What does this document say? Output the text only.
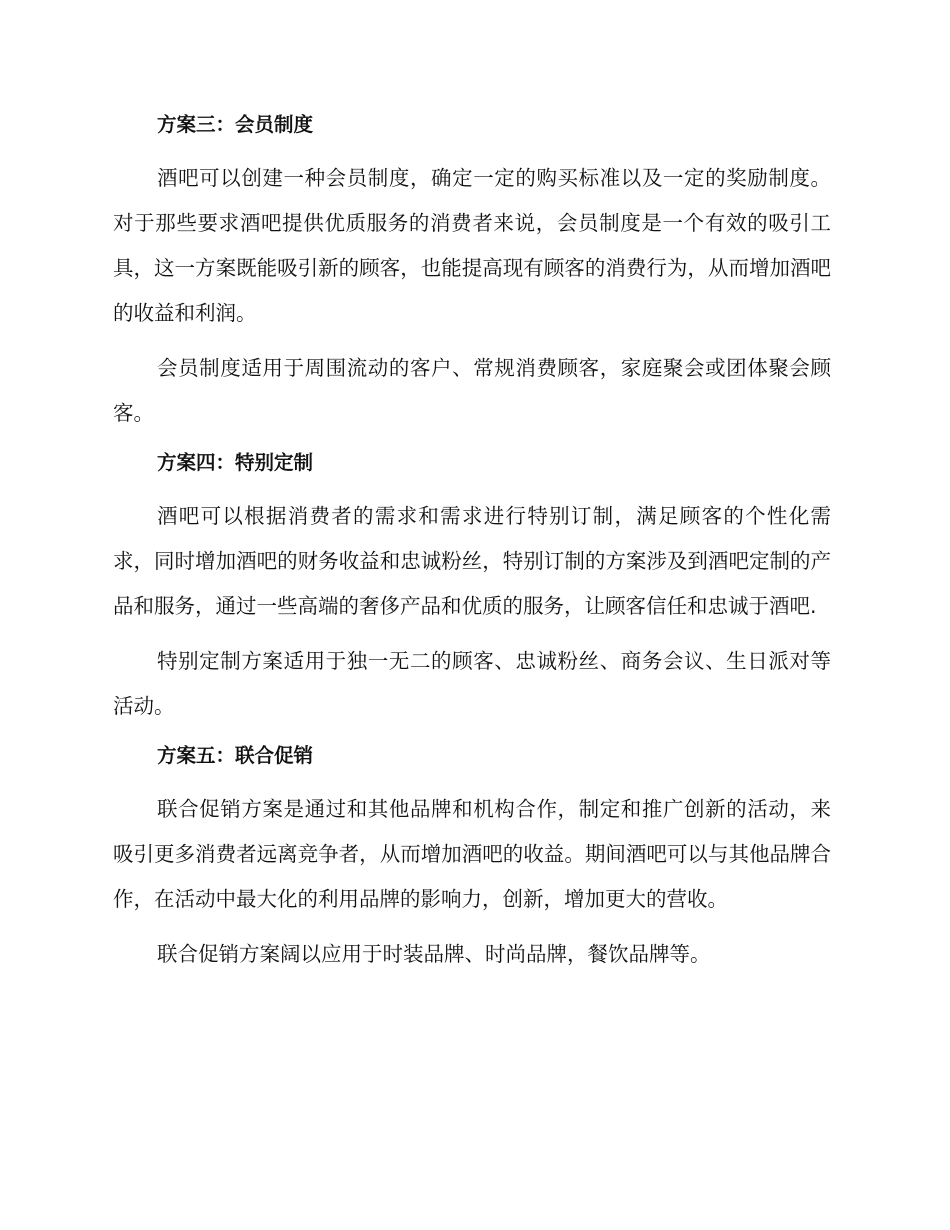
方案三：会员制度

酒吧可以创建一种会员制度，确定一定的购买标准以及一定的奖励制度。对于那些要求酒吧提供优质服务的消费者来说，会员制度是一个有效的吸引工具，这一方案既能吸引新的顾客，也能提高现有顾客的消费行为，从而增加酒吧的收益和利润。

会员制度适用于周围流动的客户、常规消费顾客，家庭聚会或团体聚会顾客。

方案四：特别定制

酒吧可以根据消费者的需求和需求进行特别订制，满足顾客的个性化需求，同时增加酒吧的财务收益和忠诚粉丝，特别订制的方案涉及到酒吧定制的产品和服务，通过一些高端的奢侈产品和优质的服务，让顾客信任和忠诚于酒吧.

特别定制方案适用于独一无二的顾客、忠诚粉丝、商务会议、生日派对等活动。

方案五：联合促销

联合促销方案是通过和其他品牌和机构合作，制定和推广创新的活动，来吸引更多消费者远离竞争者，从而增加酒吧的收益。期间酒吧可以与其他品牌合作，在活动中最大化的利用品牌的影响力，创新，增加更大的营收。

联合促销方案阔以应用于时装品牌、时尚品牌，餐饮品牌等。
